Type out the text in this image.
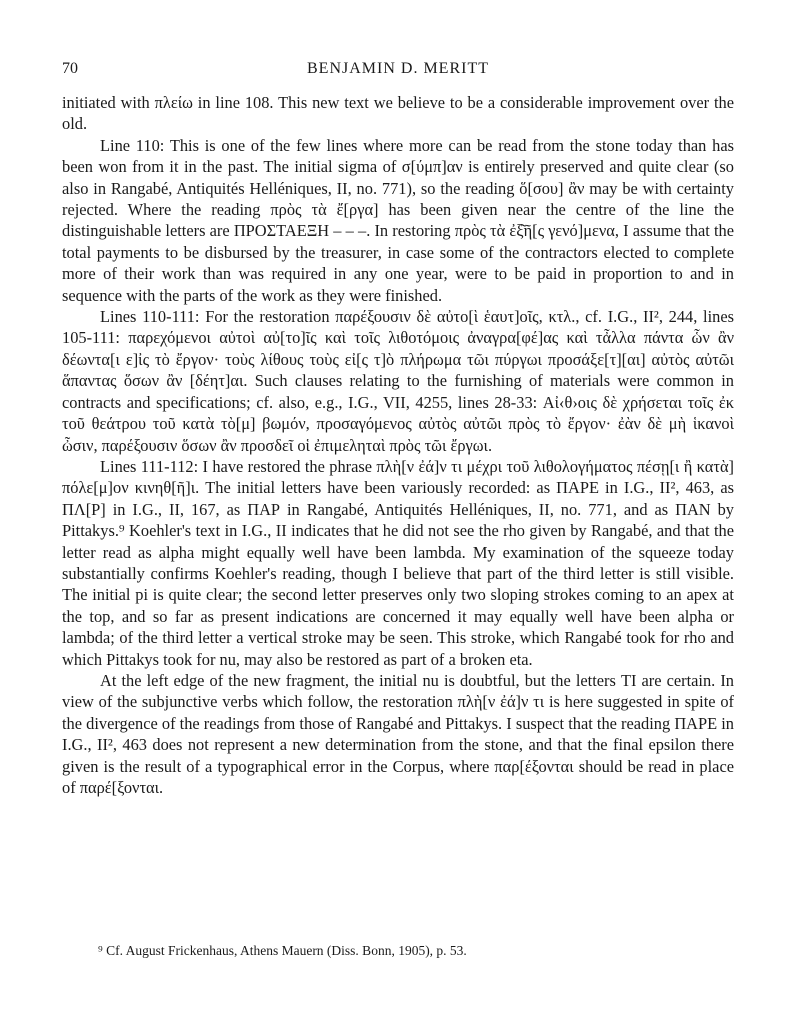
70	BENJAMIN D. MERITT

initiated with πλείω in line 108. This new text we believe to be a considerable improvement over the old.

Line 110: This is one of the few lines where more can be read from the stone today than has been won from it in the past. The initial sigma of σ[ύμπ]αν is entirely preserved and quite clear (so also in Rangabé, Antiquités Helléniques, II, no. 771), so the reading ὅ[σου] ἂν may be with certainty rejected. Where the reading πρὸς τὰ ἔ[ργα] has been given near the centre of the line the distinguishable letters are ΠΡΟΣΤΑΕΞΗ – – –. In restoring πρὸς τὰ ἐξ͂ῆ[ς γενό]μενα, I assume that the total payments to be disbursed by the treasurer, in case some of the contractors elected to complete more of their work than was required in any one year, were to be paid in proportion to and in sequence with the parts of the work as they were finished.

Lines 110-111: For the restoration παρέξουσιν δὲ αὐτο[ὶ ἑαυτ]οῖς, κτλ., cf. I.G., II², 244, lines 105-111: παρεχόμενοι αὐτοὶ αὐ[το]ῖς καὶ τοῖς λιθοτόμοις ἀναγρα[φέ]ας καὶ τἆλλα πάντα ὧν ἂν δέωντα[ι ε]ἰς τὸ ἔργον· τοὺς λίθους τοὺς εἰ[ς τ]ὸ πλήρωμα τῶι πύργωι προσάξε[τ][αι] αὐτὸς αὐτῶι ἅπαντας ὅσων ἂν [δέητ]αι. Such clauses relating to the furnishing of materials were common in contracts and specifications; cf. also, e.g., I.G., VII, 4255, lines 28-33: Αἰ‹θ›οις δὲ χρήσεται τοῖς ἐκ τοῦ θεάτρου τοῦ κατὰ τὸ[μ] βωμόν, προσαγόμενος αὐτὸς αὐτῶι πρὸς τὸ ἔργον· ἐὰν δὲ μὴ ἱκανοὶ ὦσιν, παρέξουσιν ὅσων ἂν προσδεῖ οἱ ἐπιμεληταὶ πρὸς τῶι ἔργωι.

Lines 111-112: I have restored the phrase πλὴ[ν ἐά]ν τι μέχρι τοῦ λιθολογήματος πέσῃ[ι ἢ κατὰ] πόλε[μ]ον κινηθ[ῆ]ι. The initial letters have been variously recorded: as ΠΑΡΕ in I.G., II², 463, as ΠΛ[Ρ] in I.G., II, 167, as ΠΑΡ in Rangabé, Antiquités Helléniques, II, no. 771, and as ΠΑΝ by Pittakys.⁹ Koehler's text in I.G., II indicates that he did not see the rho given by Rangabé, and that the letter read as alpha might equally well have been lambda. My examination of the squeeze today substantially confirms Koehler's reading, though I believe that part of the third letter is still visible. The initial pi is quite clear; the second letter preserves only two sloping strokes coming to an apex at the top, and so far as present indications are concerned it may equally well have been alpha or lambda; of the third letter a vertical stroke may be seen. This stroke, which Rangabé took for rho and which Pittakys took for nu, may also be restored as part of a broken eta.

At the left edge of the new fragment, the initial nu is doubtful, but the letters ΤΙ are certain. In view of the subjunctive verbs which follow, the restoration πλὴ[ν ἐά]ν τι is here suggested in spite of the divergence of the readings from those of Rangabé and Pittakys. I suspect that the reading ΠΑΡΕ in I.G., II², 463 does not represent a new determination from the stone, and that the final epsilon there given is the result of a typographical error in the Corpus, where παρ[έξονται should be read in place of παρέ[ξονται.

⁹ Cf. August Frickenhaus, Athens Mauern (Diss. Bonn, 1905), p. 53.
